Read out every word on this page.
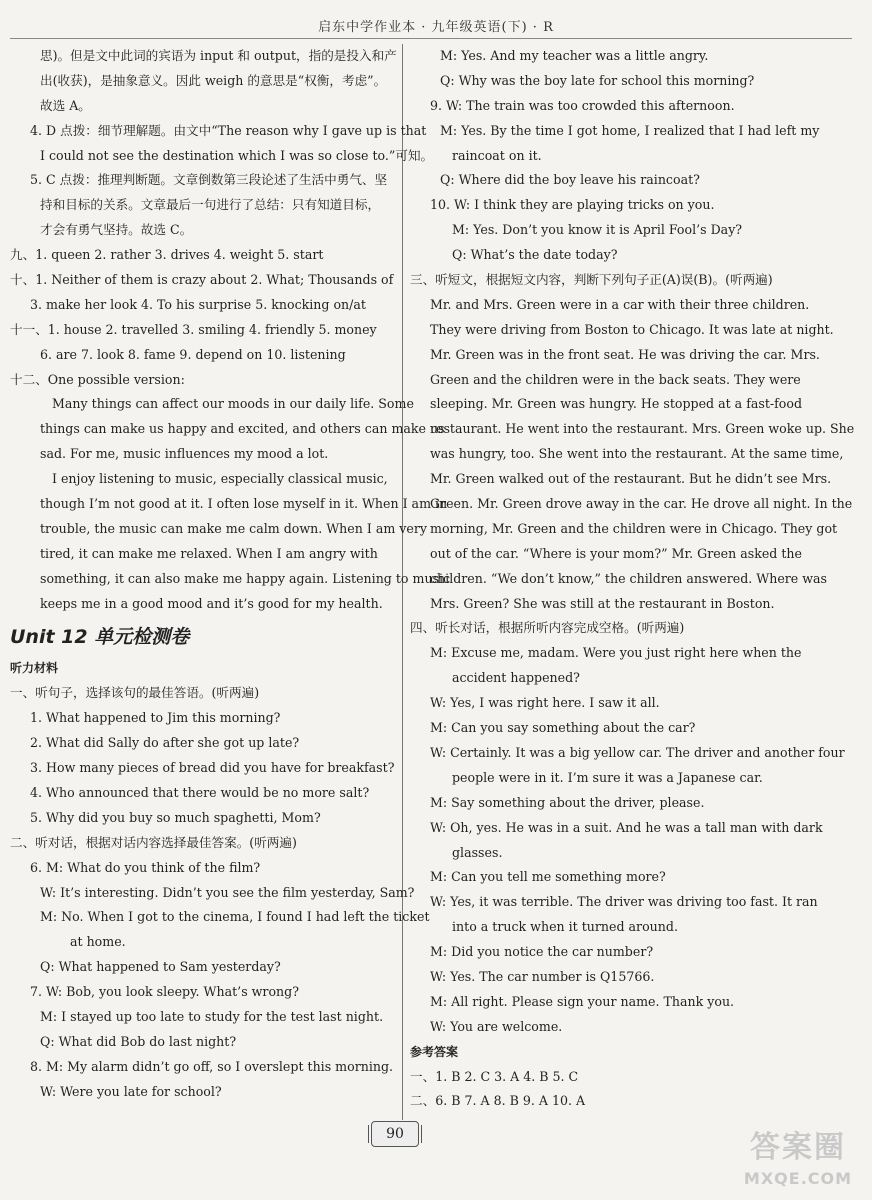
启东中学作业本 · 九年级英语(下) · R
思)。但是文中此词的宾语为 input 和 output，指的是投入和产
出(收获)，是抽象意义。因此 weigh 的意思是“权衡，考虑”。
故选 A。
4. D 点拨：细节理解题。由文中“The reason why I gave up is that
I could not see the destination which I was so close to.”可知。
5. C 点拨：推理判断题。文章倒数第三段论述了生活中勇气、坚
持和目标的关系。文章最后一句进行了总结：只有知道目标，
才会有勇气坚持。故选 C。
九、1. queen 2. rather 3. drives 4. weight 5. start
十、1. Neither of them is crazy about 2. What; Thousands of
3. make her look 4. To his surprise 5. knocking on/at
十一、1. house 2. travelled 3. smiling 4. friendly 5. money
6. are 7. look 8. fame 9. depend on 10. listening
十二、One possible version:
Many things can affect our moods in our daily life. Some
things can make us happy and excited, and others can make us
sad. For me, music influences my mood a lot.
I enjoy listening to music, especially classical music,
though I’m not good at it. I often lose myself in it. When I am in
trouble, the music can make me calm down. When I am very
tired, it can make me relaxed. When I am angry with
something, it can also make me happy again. Listening to music
keeps me in a good mood and it’s good for my health.
Unit 12 单元检测卷
听力材料
一、听句子，选择该句的最佳答语。(听两遍)
1. What happened to Jim this morning?
2. What did Sally do after she got up late?
3. How many pieces of bread did you have for breakfast?
4. Who announced that there would be no more salt?
5. Why did you buy so much spaghetti, Mom?
二、听对话，根据对话内容选择最佳答案。(听两遍)
6. M: What do you think of the film?
W: It’s interesting. Didn’t you see the film yesterday, Sam?
M: No. When I got to the cinema, I found I had left the ticket
at home.
Q: What happened to Sam yesterday?
7. W: Bob, you look sleepy. What’s wrong?
M: I stayed up too late to study for the test last night.
Q: What did Bob do last night?
8. M: My alarm didn’t go off, so I overslept this morning.
W: Were you late for school?
M: Yes. And my teacher was a little angry.
Q: Why was the boy late for school this morning?
9. W: The train was too crowded this afternoon.
M: Yes. By the time I got home, I realized that I had left my
raincoat on it.
Q: Where did the boy leave his raincoat?
10. W: I think they are playing tricks on you.
M: Yes. Don’t you know it is April Fool’s Day?
Q: What’s the date today?
三、听短文，根据短文内容，判断下列句子正(A)误(B)。(听两遍)
Mr. and Mrs. Green were in a car with their three children.
They were driving from Boston to Chicago. It was late at night.
Mr. Green was in the front seat. He was driving the car. Mrs.
Green and the children were in the back seats. They were
sleeping. Mr. Green was hungry. He stopped at a fast-food
restaurant. He went into the restaurant. Mrs. Green woke up. She
was hungry, too. She went into the restaurant. At the same time,
Mr. Green walked out of the restaurant. But he didn’t see Mrs.
Green. Mr. Green drove away in the car. He drove all night. In the
morning, Mr. Green and the children were in Chicago. They got
out of the car. “Where is your mom?” Mr. Green asked the
children. “We don’t know,” the children answered. Where was
Mrs. Green? She was still at the restaurant in Boston.
四、听长对话，根据所听内容完成空格。(听两遍)
M: Excuse me, madam. Were you just right here when the
accident happened?
W: Yes, I was right here. I saw it all.
M: Can you say something about the car?
W: Certainly. It was a big yellow car. The driver and another four
people were in it. I’m sure it was a Japanese car.
M: Say something about the driver, please.
W: Oh, yes. He was in a suit. And he was a tall man with dark
glasses.
M: Can you tell me something more?
W: Yes, it was terrible. The driver was driving too fast. It ran
into a truck when it turned around.
M: Did you notice the car number?
W: Yes. The car number is Q15766.
M: All right. Please sign your name. Thank you.
W: You are welcome.
参考答案
一、1. B 2. C 3. A 4. B 5. C
二、6. B 7. A 8. B 9. A 10. A
90	答案圈
MXQE.COM
